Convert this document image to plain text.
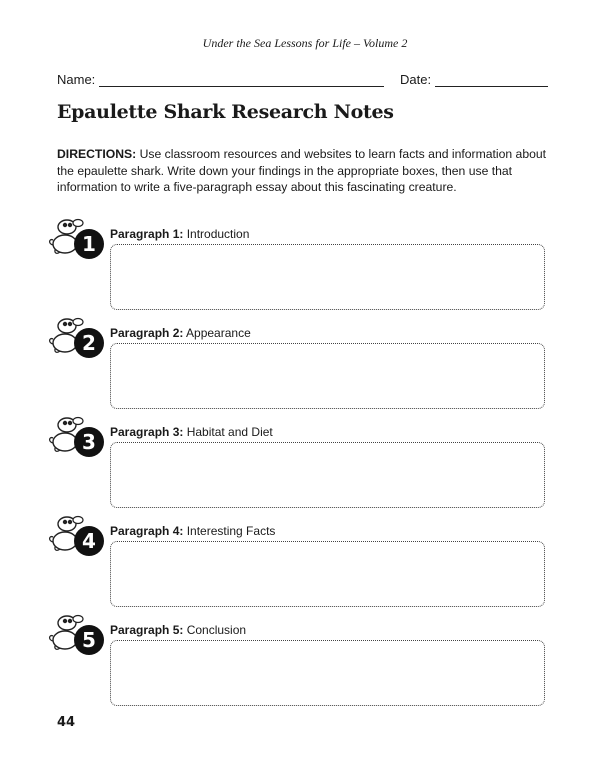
Under the Sea Lessons for Life – Volume 2
Name:	Date:
Epaulette Shark Research Notes
DIRECTIONS: Use classroom resources and websites to learn facts and information about the epaulette shark. Write down your findings in the appropriate boxes, then use that information to write a five-paragraph essay about this fascinating creature.
1 Paragraph 1: Introduction
2 Paragraph 2: Appearance
3 Paragraph 3: Habitat and Diet
4 Paragraph 4: Interesting Facts
5 Paragraph 5: Conclusion
44
